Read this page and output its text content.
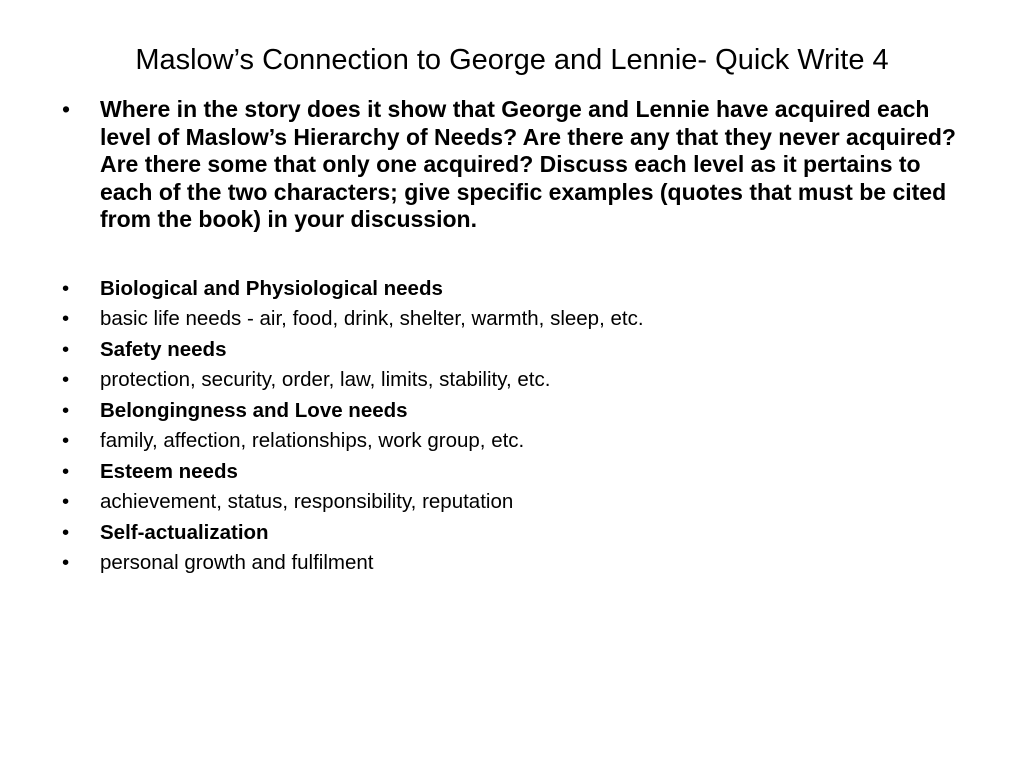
Maslow’s Connection to George and Lennie- Quick Write 4
•	Where in the story does it show that George and Lennie have acquired each level of Maslow’s Hierarchy of Needs? Are there any that they never acquired? Are there some that only one acquired? Discuss each level as it pertains to each of the two characters; give specific examples (quotes that must be cited from the book) in your discussion.
•	Biological and Physiological needs
•	basic life needs - air, food, drink, shelter, warmth, sleep, etc.
•	Safety needs
•	protection, security, order, law, limits, stability, etc.
•	Belongingness and Love needs
•	family, affection, relationships, work group, etc.
•	Esteem needs
•	achievement, status, responsibility, reputation
•	Self-actualization
•	personal growth and fulfilment
